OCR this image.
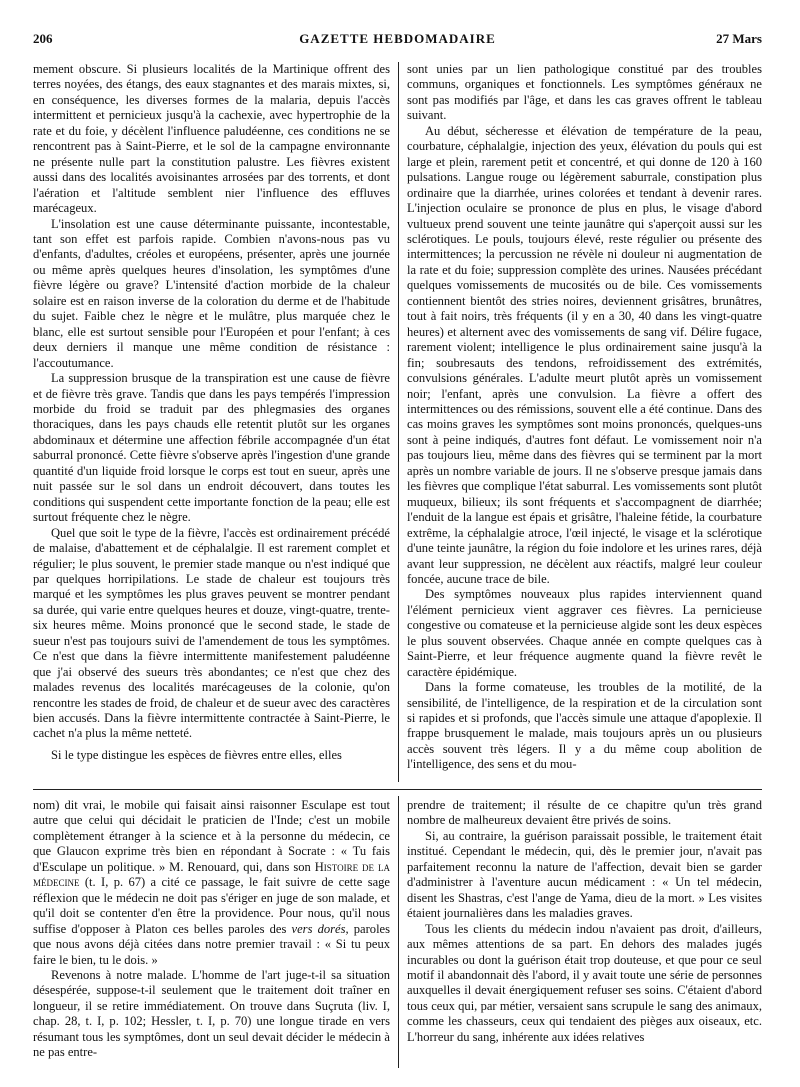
206	GAZETTE HEBDOMADAIRE	27 Mars

mement obscure. Si plusieurs localités de la Martinique offrent des terres noyées, des étangs, des eaux stagnantes et des marais mixtes, si, en conséquence, les diverses formes de la malaria, depuis l'accès intermittent et pernicieux jusqu'à la cachexie, avec hypertrophie de la rate et du foie, y décèlent l'influence paludéenne, ces conditions ne se rencontrent pas à Saint-Pierre, et le sol de la campagne environnante ne présente nulle part la constitution palustre. Les fièvres existent aussi dans des localités avoisinantes arrosées par des torrents, et dont l'aération et l'altitude semblent nier l'influence des effluves marécageux.

L'insolation est une cause déterminante puissante, incontestable, tant son effet est parfois rapide. Combien n'avons-nous pas vu d'enfants, d'adultes, créoles et européens, présenter, après une journée ou même après quelques heures d'insolation, les symptômes d'une fièvre légère ou grave? L'intensité d'action morbide de la chaleur solaire est en raison inverse de la coloration du derme et de l'habitude du sujet. Faible chez le nègre et le mulâtre, plus marquée chez le blanc, elle est surtout sensible pour l'Européen et pour l'enfant; à ces deux derniers il manque une même condition de résistance : l'accoutumance.

La suppression brusque de la transpiration est une cause de fièvre et de fièvre très grave. Tandis que dans les pays tempérés l'impression morbide du froid se traduit par des phlegmasies des organes thoraciques, dans les pays chauds elle retentit plutôt sur les organes abdominaux et détermine une affection fébrile accompagnée d'un état saburral prononcé. Cette fièvre s'observe après l'ingestion d'une grande quantité d'un liquide froid lorsque le corps est tout en sueur, après une nuit passée sur le sol dans un endroit découvert, dans toutes les conditions qui suspendent cette importante fonction de la peau; elle est surtout fréquente chez le nègre.

Quel que soit le type de la fièvre, l'accès est ordinairement précédé de malaise, d'abattement et de céphalalgie. Il est rarement complet et régulier; le plus souvent, le premier stade manque ou n'est indiqué que par quelques horripilations. Le stade de chaleur est toujours très marqué et les symptômes les plus graves peuvent se montrer pendant sa durée, qui varie entre quelques heures et douze, vingt-quatre, trente-six heures même. Moins prononcé que le second stade, le stade de sueur n'est pas toujours suivi de l'amendement de tous les symptômes. Ce n'est que dans la fièvre intermittente manifestement paludéenne que j'ai observé des sueurs très abondantes; ce n'est que chez des malades revenus des localités marécageuses de la colonie, qu'on rencontre les stades de froid, de chaleur et de sueur avec des caractères bien accusés. Dans la fièvre intermittente contractée à Saint-Pierre, le cachet n'a plus la même netteté.

Si le type distingue les espèces de fièvres entre elles, elles

sont unies par un lien pathologique constitué par des troubles communs, organiques et fonctionnels. Les symptômes généraux ne sont pas modifiés par l'âge, et dans les cas graves offrent le tableau suivant.

Au début, sécheresse et élévation de température de la peau, courbature, céphalalgie, injection des yeux, élévation du pouls qui est large et plein, rarement petit et concentré, et qui donne de 120 à 160 pulsations. Langue rouge ou légèrement saburrale, constipation plus ordinaire que la diarrhée, urines colorées et tendant à devenir rares. L'injection oculaire se prononce de plus en plus, le visage d'abord vultueux prend souvent une teinte jaunâtre qui s'aperçoit aussi sur les sclérotiques. Le pouls, toujours élevé, reste régulier ou présente des intermittences; la percussion ne révèle ni douleur ni augmentation de la rate et du foie; suppression complète des urines. Nausées précédant quelques vomissements de mucosités ou de bile. Ces vomissements contiennent bientôt des stries noires, deviennent grisâtres, brunâtres, tout à fait noirs, très fréquents (il y en a 30, 40 dans les vingt-quatre heures) et alternent avec des vomissements de sang vif. Délire fugace, rarement violent; intelligence le plus ordinairement saine jusqu'à la fin; soubresauts des tendons, refroidissement des extrémités, convulsions générales. L'adulte meurt plutôt après un vomissement noir; l'enfant, après une convulsion. La fièvre a offert des intermittences ou des rémissions, souvent elle a été continue. Dans des cas moins graves les symptômes sont moins prononcés, quelques-uns sont à peine indiqués, d'autres font défaut. Le vomissement noir n'a pas toujours lieu, même dans des fièvres qui se terminent par la mort après un nombre variable de jours. Il ne s'observe presque jamais dans les fièvres que complique l'état saburral. Les vomissements sont plutôt muqueux, bilieux; ils sont fréquents et s'accompagnent de diarrhée; l'enduit de la langue est épais et grisâtre, l'haleine fétide, la courbature extrême, la céphalalgie atroce, l'œil injecté, le visage et la sclérotique d'une teinte jaunâtre, la région du foie indolore et les urines rares, déjà avant leur suppression, ne décèlent aux réactifs, malgré leur couleur foncée, aucune trace de bile.

Des symptômes nouveaux plus rapides interviennent quand l'élément pernicieux vient aggraver ces fièvres. La pernicieuse congestive ou comateuse et la pernicieuse algide sont les deux espèces le plus souvent observées. Chaque année en compte quelques cas à Saint-Pierre, et leur fréquence augmente quand la fièvre revêt le caractère épidémique.

Dans la forme comateuse, les troubles de la motilité, de la sensibilité, de l'intelligence, de la respiration et de la circulation sont si rapides et si profonds, que l'accès simule une attaque d'apoplexie. Il frappe brusquement le malade, mais toujours après un ou plusieurs accès souvent très légers. Il y a du même coup abolition de l'intelligence, des sens et du mou-

nom) dit vrai, le mobile qui faisait ainsi raisonner Esculape est tout autre que celui qui décidait le praticien de l'Inde; c'est un mobile complètement étranger à la science et à la personne du médecin, ce que Glaucon exprime très bien en répondant à Socrate : « Tu fais d'Esculape un politique. » M. Renouard, qui, dans son Histoire de la médecine (t. I, p. 67) a cité ce passage, le fait suivre de cette sage réflexion que le médecin ne doit pas s'ériger en juge de son malade, et qu'il doit se contenter d'en être la providence. Pour nous, qu'il nous suffise d'opposer à Platon ces belles paroles des vers dorés, paroles que nous avons déjà citées dans notre premier travail : « Si tu peux faire le bien, tu le dois. »

Revenons à notre malade. L'homme de l'art juge-t-il sa situation désespérée, suppose-t-il seulement que le traitement doit traîner en longueur, il se retire immédiatement. On trouve dans Suçruta (liv. I, chap. 28, t. I, p. 102; Hessler, t. I, p. 70) une longue tirade en vers résumant tous les symptômes, dont un seul devait décider le médecin à ne pas entre-

prendre de traitement; il résulte de ce chapitre qu'un très grand nombre de malheureux devaient être privés de soins.

Si, au contraire, la guérison paraissait possible, le traitement était institué. Cependant le médecin, qui, dès le premier jour, n'avait pas parfaitement reconnu la nature de l'affection, devait bien se garder d'administrer à l'aventure aucun médicament : « Un tel médecin, disent les Shastras, c'est l'ange de Yama, dieu de la mort. » Les visites étaient journalières dans les maladies graves.

Tous les clients du médecin indou n'avaient pas droit, d'ailleurs, aux mêmes attentions de sa part. En dehors des malades jugés incurables ou dont la guérison était trop douteuse, et que pour ce seul motif il abandonnait dès l'abord, il y avait toute une série de personnes auxquelles il devait énergiquement refuser ses soins. C'étaient d'abord tous ceux qui, par métier, versaient sans scrupule le sang des animaux, comme les chasseurs, ceux qui tendaient des pièges aux oiseaux, etc. L'horreur du sang, inhérente aux idées relatives
